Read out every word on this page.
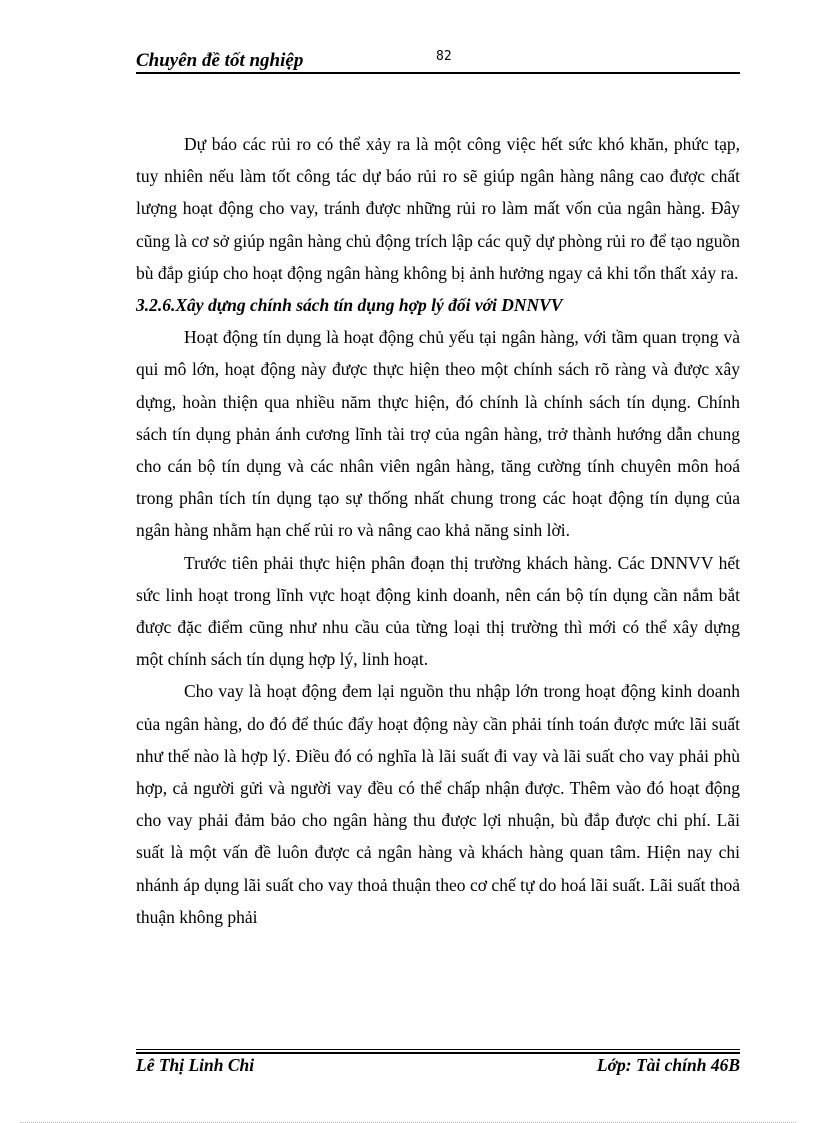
Chuyên đề tốt nghiệp	82

Dự báo các rủi ro có thể xảy ra là một công việc hết sức khó khăn, phức tạp, tuy nhiên nếu làm tốt công tác dự báo rủi ro sẽ giúp ngân hàng nâng cao được chất lượng hoạt động cho vay, tránh được những rủi ro làm mất vốn của ngân hàng. Đây cũng là cơ sở giúp ngân hàng chủ động trích lập các quỹ dự phòng rủi ro để tạo nguồn bù đắp giúp cho hoạt động ngân hàng không bị ảnh hưởng ngay cả khi tổn thất xảy ra.

3.2.6.Xây dựng chính sách tín dụng hợp lý đối với DNNVV

Hoạt động tín dụng là hoạt động chủ yếu tại ngân hàng, với tầm quan trọng và qui mô lớn, hoạt động này được thực hiện theo một chính sách rõ ràng và được xây dựng, hoàn thiện qua nhiều năm thực hiện, đó chính là chính sách tín dụng. Chính sách tín dụng phản ánh cương lĩnh tài trợ của ngân hàng, trở thành hướng dẫn chung cho cán bộ tín dụng và các nhân viên ngân hàng, tăng cường tính chuyên môn hoá trong phân tích tín dụng tạo sự thống nhất chung trong các hoạt động tín dụng của ngân hàng nhằm hạn chế rủi ro và nâng cao khả năng sinh lời.

Trước tiên phải thực hiện phân đoạn thị trường khách hàng. Các DNNVV hết sức linh hoạt trong lĩnh vực hoạt động kinh doanh, nên cán bộ tín dụng cần nắm bắt được đặc điểm cũng như nhu cầu của từng loại thị trường thì mới có thể xây dựng một chính sách tín dụng hợp lý, linh hoạt.

Cho vay là hoạt động đem lại nguồn thu nhập lớn trong hoạt động kinh doanh của ngân hàng, do đó để thúc đẩy hoạt động này cần phải tính toán được mức lãi suất như thế nào là hợp lý. Điều đó có nghĩa là lãi suất đi vay và lãi suất cho vay phải phù hợp, cả người gửi và người vay đều có thể chấp nhận được. Thêm vào đó hoạt động cho vay phải đảm bảo cho ngân hàng thu được lợi nhuận, bù đắp được chi phí. Lãi suất là một vấn đề luôn được cả ngân hàng và khách hàng quan tâm. Hiện nay chi nhánh áp dụng lãi suất cho vay thoả thuận theo cơ chế tự do hoá lãi suất. Lãi suất thoả thuận không phải

Lê Thị Linh Chi	Lớp: Tài chính 46B
